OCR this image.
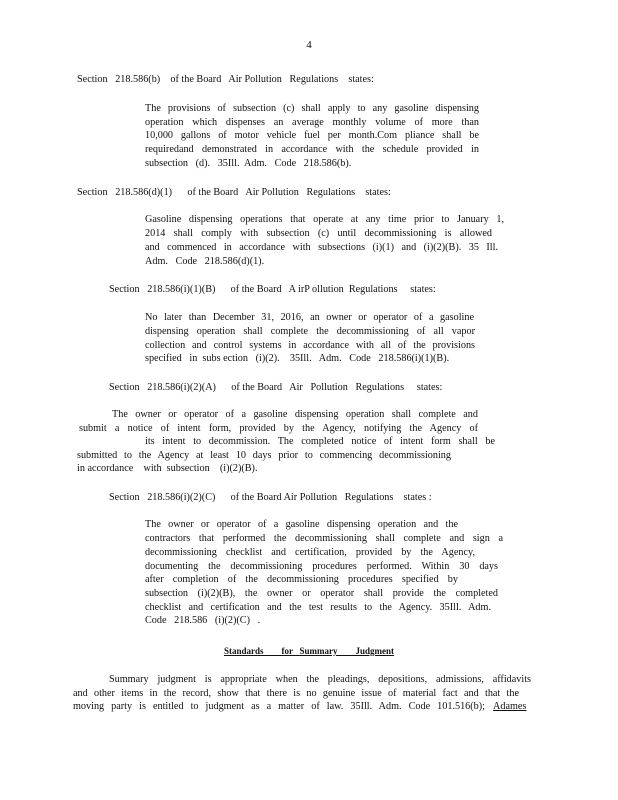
4
Section   218.586(b)    of the Board   Air Pollution   Regulations    states:
The provisions of subsection (c) shall apply to any gasoline dispensing
operation which dispenses an average monthly volume of more than
10,000 gallons of motor vehicle fuel per month.Com pliance shall be
requiredand demonstrated in accordance with the schedule provided in
subsection   (d).   35Ill.  Adm.   Code   218.586(b).
Section   218.586(d)(1)      of the Board   Air Pollution   Regulations    states:
Gasoline dispensing operations that operate at any time prior to January 1,
2014 shall comply with subsection (c) until decommissioning is allowed
and commenced in accordance with subsections (i)(1) and (i)(2)(B). 35 Ill.
Adm.   Code   218.586(d)(1).
Section   218.586(i)(1)(B)      of the Board   A irP ollution  Regulations     states:
No later than December 31, 2016, an owner or operator of a gasoline
dispensing operation shall complete the decommissioning of all vapor
collection and control systems in accordance with all of the provisions
specified   in  subs ection   (i)(2).    35Ill.   Adm.   Code   218.586(i)(1)(B).
Section   218.586(i)(2)(A)      of the Board   Air   Pollution   Regulations     states:
The owner or operator of a gasoline dispensing operation shall complete and
submit a notice of intent form, provided by the Agency, notifying the Agency of
its intent to decommission. The completed notice of intent form shall be
submitted to the Agency at least 10 days prior to commencing decommissioning
in accordance    with  subsection    (i)(2)(B).
Section   218.586(i)(2)(C)      of the Board Air Pollution   Regulations    states :
The owner or operator of a gasoline dispensing operation and the
contractors that performed the decommissioning shall complete and sign a
decommissioning checklist and certification, provided by the Agency,
documenting the decommissioning procedures performed. Within 30 days
after completion of the decommissioning procedures specified by
subsection (i)(2)(B), the owner or operator shall provide the completed
checklist and certification and the test results to the Agency. 35Ill. Adm.
Code   218.586   (i)(2)(C)   .
Standards        for   Summary        Judgment
Summary judgment is appropriate when the pleadings, depositions, admissions, affidavits
and other items in the record, show that there is no genuine issue of material fact and that the
moving party is entitled to judgment as a matter of law. 35Ill. Adm. Code 101.516(b); Adames
